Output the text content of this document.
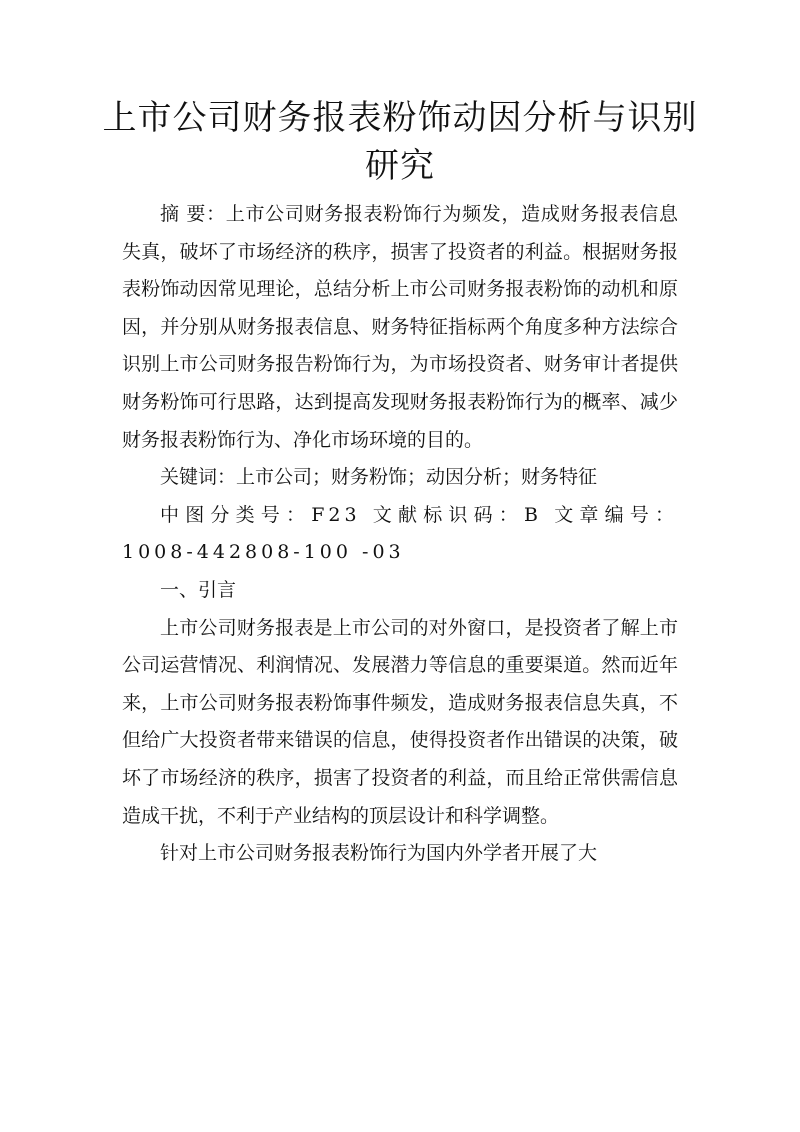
上市公司财务报表粉饰动因分析与识别研究

摘 要：上市公司财务报表粉饰行为频发，造成财务报表信息失真，破坏了市场经济的秩序，损害了投资者的利益。根据财务报表粉饰动因常见理论，总结分析上市公司财务报表粉饰的动机和原因，并分别从财务报表信息、财务特征指标两个角度多种方法综合识别上市公司财务报告粉饰行为，为市场投资者、财务审计者提供财务粉饰可行思路，达到提高发现财务报表粉饰行为的概率、减少财务报表粉饰行为、净化市场环境的目的。

关键词：上市公司；财务粉饰；动因分析；财务特征

中图分类号：F23 文献标识码：B 文章编号：1008-442808-100 -03

一、引言

上市公司财务报表是上市公司的对外窗口，是投资者了解上市公司运营情况、利润情况、发展潜力等信息的重要渠道。然而近年来，上市公司财务报表粉饰事件频发，造成财务报表信息失真，不但给广大投资者带来错误的信息，使得投资者作出错误的决策，破坏了市场经济的秩序，损害了投资者的利益，而且给正常供需信息造成干扰，不利于产业结构的顶层设计和科学调整。

针对上市公司财务报表粉饰行为国内外学者开展了大
